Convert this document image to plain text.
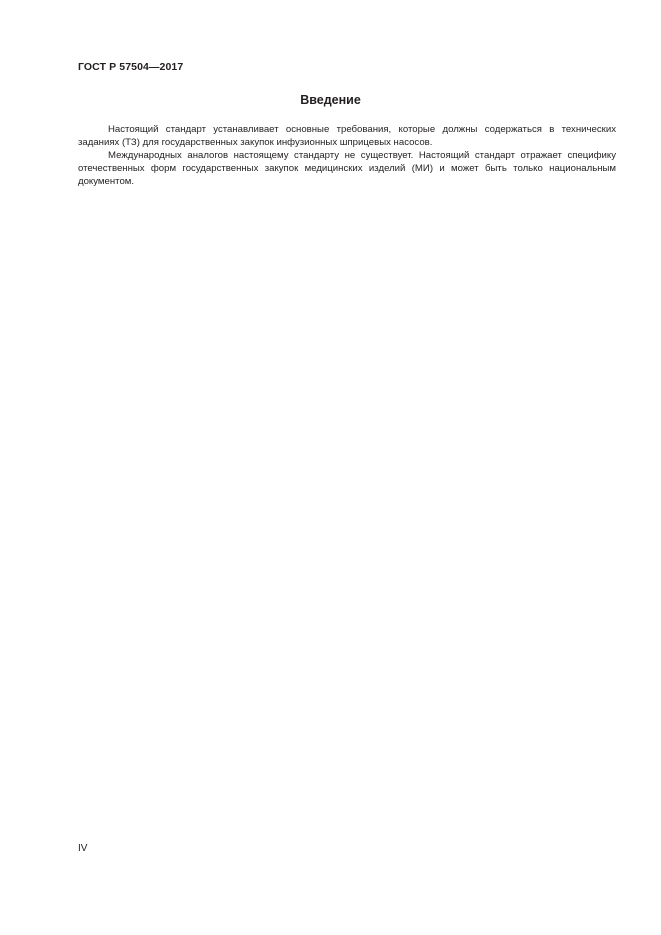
ГОСТ Р 57504—2017
Введение

Настоящий стандарт устанавливает основные требования, которые должны содержаться в технических заданиях (ТЗ) для государственных закупок инфузионных шприцевых насосов.

Международных аналогов настоящему стандарту не существует. Настоящий стандарт отражает специфику отечественных форм государственных закупок медицинских изделий (МИ) и может быть только национальным документом.

IV
